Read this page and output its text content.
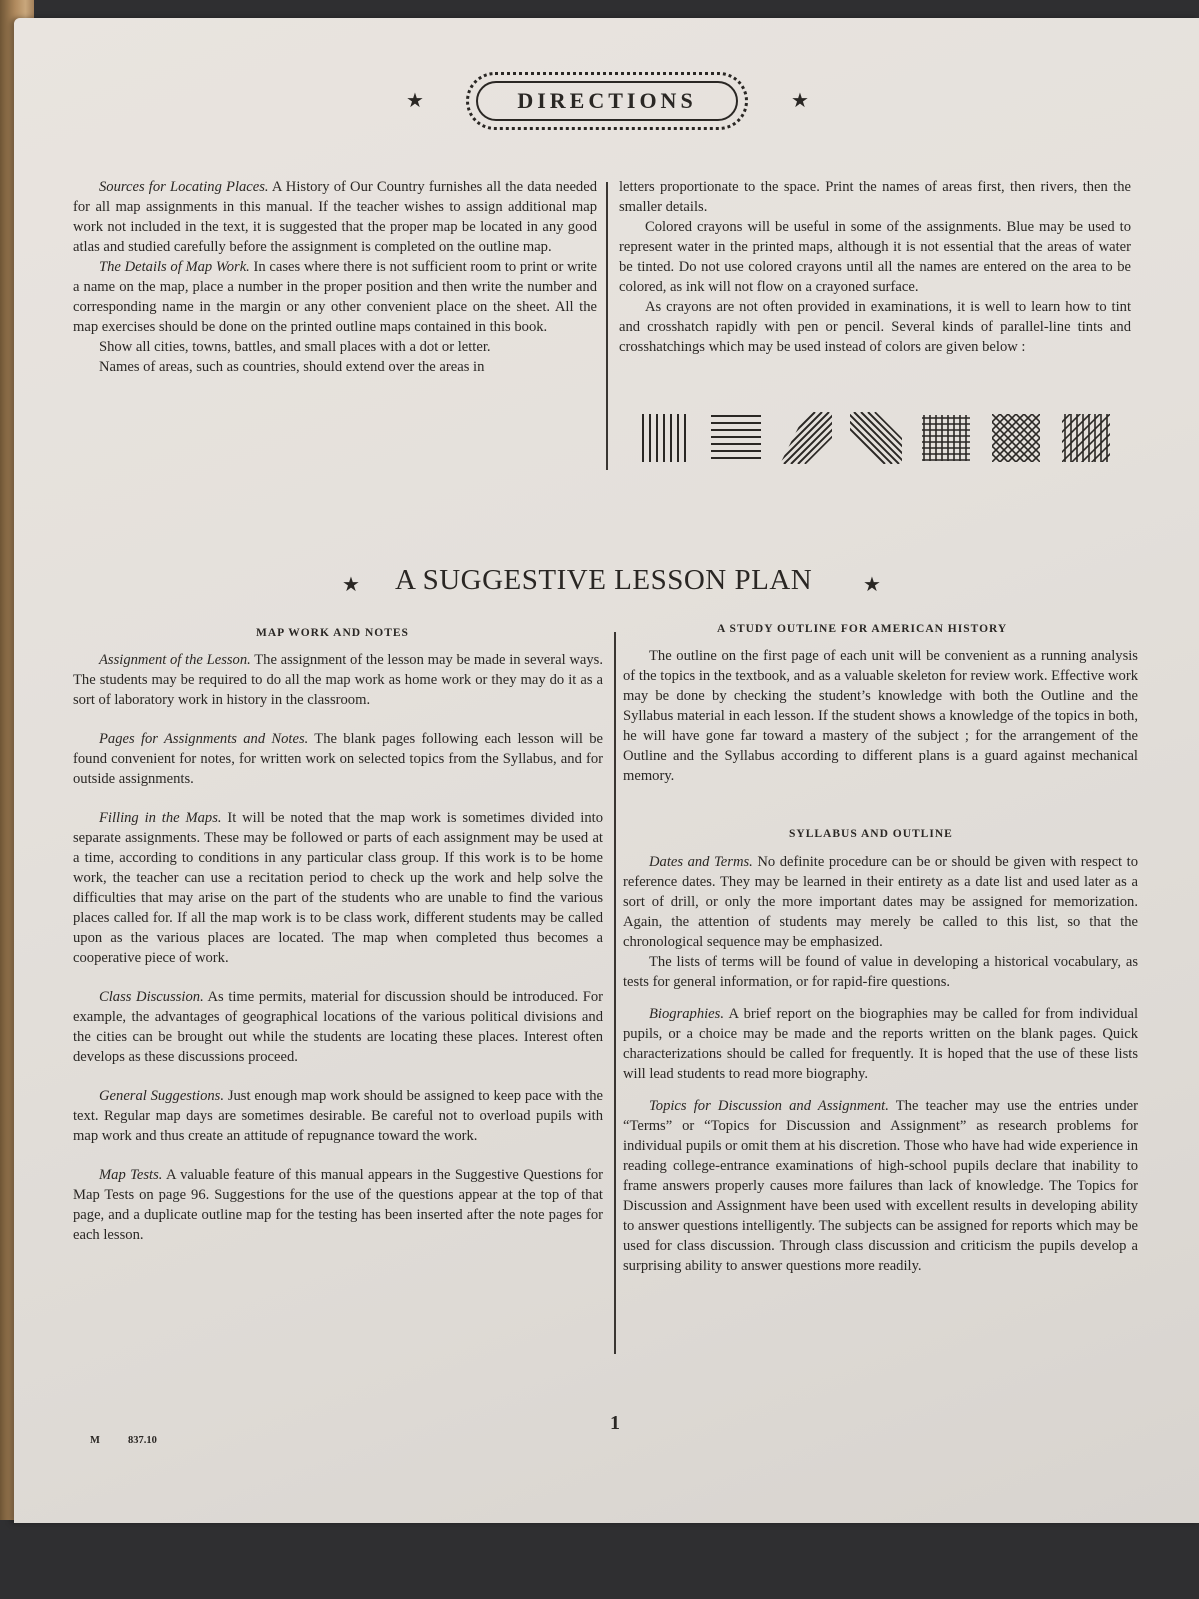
★	DIRECTIONS	★

Sources for Locating Places. A History of Our Country furnishes all the data needed for all map assignments in this manual. If the teacher wishes to assign additional map work not included in the text, it is suggested that the proper map be located in any good atlas and studied carefully before the assignment is completed on the outline map.

The Details of Map Work. In cases where there is not sufficient room to print or write a name on the map, place a number in the proper position and then write the number and corresponding name in the margin or any other convenient place on the sheet. All the map exercises should be done on the printed outline maps contained in this book.

Show all cities, towns, battles, and small places with a dot or letter.

Names of areas, such as countries, should extend over the areas in

letters proportionate to the space. Print the names of areas first, then rivers, then the smaller details.

Colored crayons will be useful in some of the assignments. Blue may be used to represent water in the printed maps, although it is not essential that the areas of water be tinted. Do not use colored crayons until all the names are entered on the area to be colored, as ink will not flow on a crayoned surface.

As crayons are not often provided in examinations, it is well to learn how to tint and crosshatch rapidly with pen or pencil. Several kinds of parallel-line tints and crosshatchings which may be used instead of colors are given below :

★ A SUGGESTIVE LESSON PLAN	★
MAP WORK AND NOTES

Assignment of the Lesson. The assignment of the lesson may be made in several ways. The students may be required to do all the map work as home work or they may do it as a sort of laboratory work in history in the classroom.

Pages for Assignments and Notes. The blank pages following each lesson will be found convenient for notes, for written work on selected topics from the Syllabus, and for outside assignments.

Filling in the Maps. It will be noted that the map work is sometimes divided into separate assignments. These may be followed or parts of each assignment may be used at a time, according to conditions in any particular class group. If this work is to be home work, the teacher can use a recitation period to check up the work and help solve the difficulties that may arise on the part of the students who are unable to find the various places called for. If all the map work is to be class work, different students may be called upon as the various places are located. The map when completed thus becomes a cooperative piece of work.

Class Discussion. As time permits, material for discussion should be introduced. For example, the advantages of geographical locations of the various political divisions and the cities can be brought out while the students are locating these places. Interest often develops as these discussions proceed.

General Suggestions. Just enough map work should be assigned to keep pace with the text. Regular map days are sometimes desirable. Be careful not to overload pupils with map work and thus create an attitude of repugnance toward the work.

Map Tests. A valuable feature of this manual appears in the Suggestive Questions for Map Tests on page 96. Suggestions for the use of the questions appear at the top of that page, and a duplicate outline map for the testing has been inserted after the note pages for each lesson.

A STUDY OUTLINE FOR AMERICAN HISTORY

The outline on the first page of each unit will be convenient as a running analysis of the topics in the textbook, and as a valuable skeleton for review work. Effective work may be done by checking the student’s knowledge with both the Outline and the Syllabus material in each lesson. If the student shows a knowledge of the topics in both, he will have gone far toward a mastery of the subject ; for the arrangement of the Outline and the Syllabus according to different plans is a guard against mechanical memory.

SYLLABUS AND OUTLINE

Dates and Terms. No definite procedure can be or should be given with respect to reference dates. They may be learned in their entirety as a date list and used later as a sort of drill, or only the more important dates may be assigned for memorization. Again, the attention of students may merely be called to this list, so that the chronological sequence may be emphasized.

The lists of terms will be found of value in developing a historical vocabulary, as tests for general information, or for rapid-fire questions.

Biographies. A brief report on the biographies may be called for from individual pupils, or a choice may be made and the reports written on the blank pages. Quick characterizations should be called for frequently. It is hoped that the use of these lists will lead students to read more biography.

Topics for Discussion and Assignment. The teacher may use the entries under “Terms” or “Topics for Discussion and Assignment” as research problems for individual pupils or omit them at his discretion. Those who have had wide experience in reading college-entrance examinations of high-school pupils declare that inability to frame answers properly causes more failures than lack of knowledge. The Topics for Discussion and Assignment have been used with excellent results in developing ability to answer questions intelligently. The subjects can be assigned for reports which may be used for class discussion. Through class discussion and criticism the pupils develop a surprising ability to answer questions more readily.

1
M	837.10
